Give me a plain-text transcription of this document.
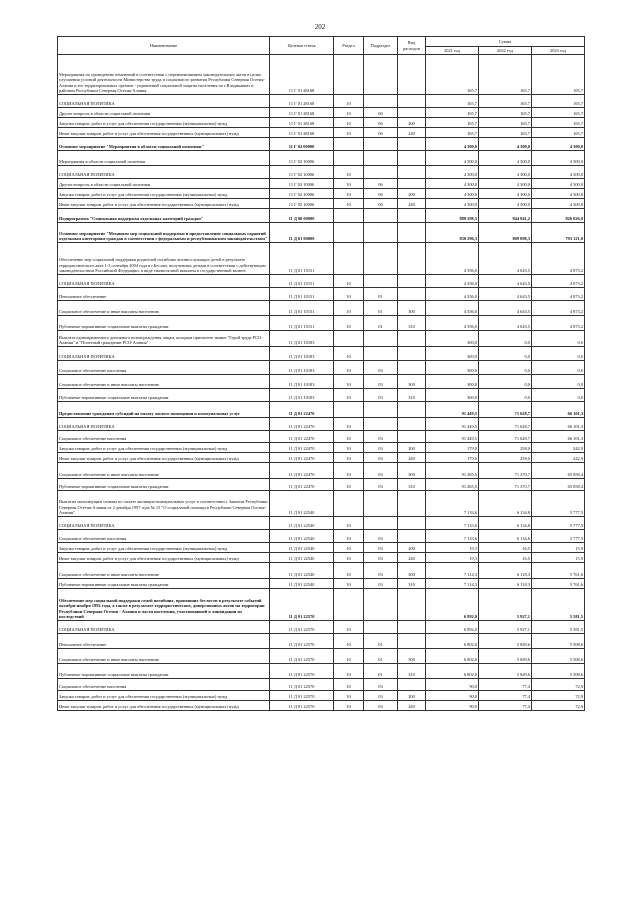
202
Наименование	Целевая статья	Раздел	Подраздел	Вид расходов	Сумма		
					2021 год	2022 год	2023 год
Мероприятия по проведению изменений в соответствии с переименованием законодательных актов в целях улучшения условий деятельности Министерства труда и социального развития Республики Северная Осетия-Алания и его территориальных органов - управлений социальной защиты населения по г.Владикавказ и районам Республики Северная Осетия-Алания	11 Г 01 28168				165,7	165,7	165,7
СОЦИАЛЬНАЯ ПОЛИТИКА	11 Г 01 28168	10			165,7	165,7	165,7
Другие вопросы в области социальной политики	11 Г 01 28168	10	06		165,7	165,7	165,7
Закупка товаров, работ и услуг для обеспечения государственных (муниципальных) нужд	11 Г 01 28168	10	06	200	165,7	165,7	165,7
Иные закупки товаров, работ и услуг для обеспечения государственных (муниципальных) нужд	11 Г 01 28168	10	06	240	165,7	165,7	165,7
Основное мероприятие "Мероприятия в области социальной политики"	11 Г 02 00000				4 300,0	4 300,0	4 300,0
Мероприятия в области социальной политики	11 Г 02 10006				4 300,0	4 300,0	4 300,0
СОЦИАЛЬНАЯ ПОЛИТИКА	11 Г 02 10006	10			4 300,0	4 300,0	4 300,0
Другие вопросы в области социальной политики	11 Г 02 10006	10	06		4 300,0	4 300,0	4 300,0
Закупка товаров, работ и услуг для обеспечения государственных (муниципальных) нужд	11 Г 02 10006	10	06	200	4 300,0	4 300,0	4 300,0
Иные закупки товаров, работ и услуг для обеспечения государственных (муниципальных) нужд	11 Г 02 10006	10	06	240	4 300,0	4 300,0	4 300,0
Подпрограмма "Социальная поддержка отдельных категорий граждан"	11 Д 00 00000				889 298,3	844 841,2	826 026,8
Основное мероприятие "Механизм мер социальной поддержки и предоставление социальных гарантий отдельным категориям граждан в соответствии с федеральным и республиканским законодательством"	11 Д 01 00000				830 296,3	809 098,3	793 121,0
Обеспечение мер социальной поддержки родителей погибших военнослужащих детей в результате террористического акта 1-3 сентября 2004 года в г.Беслан, полученных детьми в соответствии с действующим законодательством Российской Федерации, в виде ежемесячной выплаты в государственной валюте	11 Д 01 10151				4 356,0	4 643,5	4 873,2
СОЦИАЛЬНАЯ ПОЛИТИКА	11 Д 01 10151	10			4 356,0	4 643,5	4 873,2
Пенсионное обеспечение	11 Д 01 10151	10	01		4 356,0	4 643,5	4 873,2
Социальное обеспечение и иные выплаты населению	11 Д 01 10151	10	01	300	4 356,0	4 643,5	4 873,2
Публичные нормативные социальные выплаты гражданам	11 Д 01 10151	10	01	310	4 356,0	4 643,5	4 873,2
Выплата единовременного денежного вознаграждения лицам, которым присвоено звание "Герой труда РСО-Алания" и "Почетный гражданин РСО-Алания"	11 Д 01 10183				300,0	0,0	0,0
СОЦИАЛЬНАЯ ПОЛИТИКА	11 Д 01 10183	10			300,0	0,0	0,0
Социальное обеспечение населения	11 Д 01 10183	10	03		300,0	0,0	0,0
Социальное обеспечение и иные выплаты населению	11 Д 01 10183	10	03	300	300,0	0,0	0,0
Публичные нормативные социальные выплаты гражданам	11 Д 01 10183	10	03	310	300,0	0,0	0,0
Предоставление гражданам субсидий на оплату жилого помещения и коммунальных услуг	11 Д 01 22470				91 449,5	71 628,7	66 101,3
СОЦИАЛЬНАЯ ПОЛИТИКА	11 Д 01 22470	10			91 449,5	71 628,7	66 101,3
Социальное обеспечение населения	11 Д 01 22470	10	03		91 449,5	71 628,7	66 101,3
Закупка товаров, работ и услуг для обеспечения государственных (муниципальных) нужд	11 Д 01 22470	10	03	200	179,0	258,0	242,9
Иные закупки товаров, работ и услуг для обеспечения государственных (муниципальных) нужд	11 Д 01 22470	10	03	240	179,0	258,0	242,9
Социальное обеспечение и иные выплаты населению	11 Д 01 22470	10	03	300	91 265,5	71 370,7	65 858,4
Публичные нормативные социальные выплаты гражданам	11 Д 01 22470	10	03	310	91 265,5	71 370,7	65 858,4
Выплаты малоимущим семьям по оплате жилищно-коммунальных услуг в соответствии с Законом Республики Северная Осетия-Алания от 2 декабря 1997 года № 15 "О социальной помощи в Республике Северная Осетия-Алания"	11 Д 01 22540				7 133,6	6 134,8	5 777,5
СОЦИАЛЬНАЯ ПОЛИТИКА	11 Д 01 22540	10			7 133,6	6 134,8	5 777,5
Социальное обеспечение населения	11 Д 01 22540	10	03		7 133,6	6 134,8	5 777,5
Закупка товаров, работ и услуг для обеспечения государственных (муниципальных) нужд	11 Д 01 22540	10	03	200	19,3	16,5	15,9
Иные закупки товаров, работ и услуг для обеспечения государственных (муниципальных) нужд	11 Д 01 22540	10	03	240	19,3	16,5	15,9
Социальное обеспечение и иные выплаты населению	11 Д 01 22540	10	03	300	7 114,3	6 118,3	5 761,6
Публичные нормативные социальные выплаты гражданам	11 Д 01 22540	10	03	310	7 114,3	6 118,3	5 761,6
Обеспечение мер социальной поддержки семей погибших, пропавших без вести в результате событий октября-ноября 1992 года, а также в результате террористических, диверсионных актов на территории Республики Северная Осетия - Алания и части населения, участвовавшей в ликвидации их последствий	11 Д 01 22570				6 892,0	5 927,1	5 581,5
СОЦИАЛЬНАЯ ПОЛИТИКА	11 Д 01 22570	10			6 892,0	5 927,1	5 581,5
Пенсионное обеспечение	11 Д 01 22570	10	01		6 802,0	5 849,6	5 508,6
Социальное обеспечение и иные выплаты населению	11 Д 01 22570	10	01	300	6 802,0	5 849,6	5 508,6
Публичные нормативные социальные выплаты гражданам	11 Д 01 22570	10	01	310	6 802,0	5 849,6	5 508,6
Социальное обеспечение населения	11 Д 01 22570	10	03		90,0	77,4	72,9
Закупка товаров, работ и услуг для обеспечения государственных (муниципальных) нужд	11 Д 01 22570	10	03	200	90,0	77,4	72,9
Иные закупки товаров, работ и услуг для обеспечения государственных (муниципальных) нужд	11 Д 01 22570	10	03	240	90,0	77,4	72,9
